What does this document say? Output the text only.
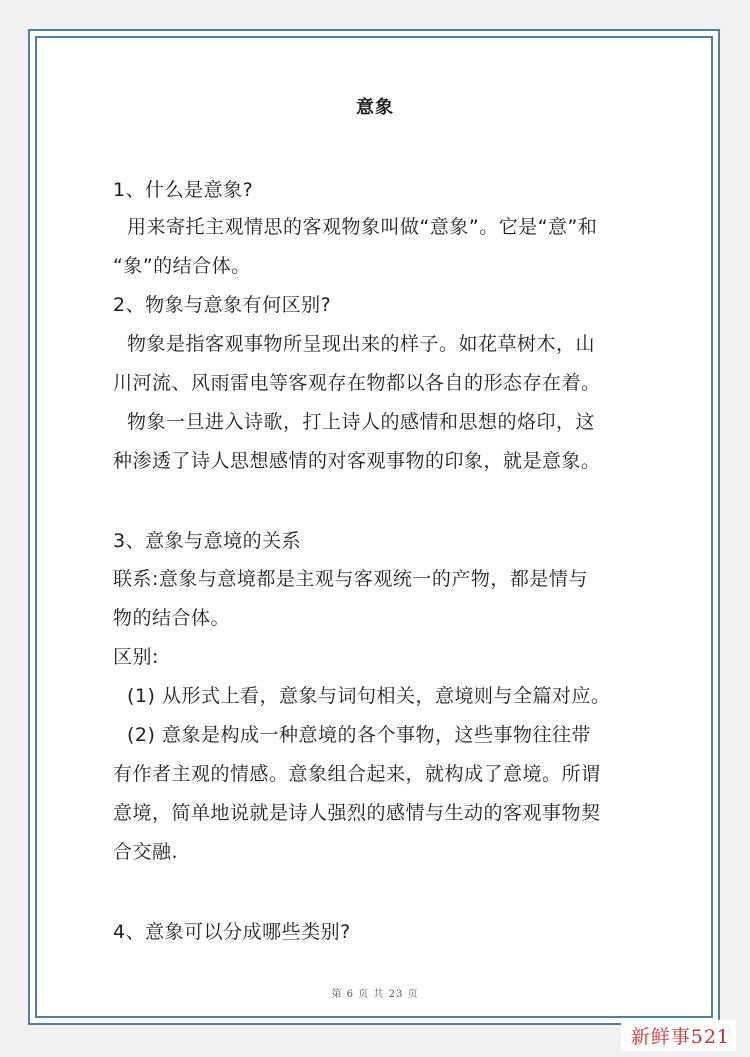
意象
1、什么是意象?
用来寄托主观情思的客观物象叫做“意象”。它是“意”和
“象”的结合体。
2、物象与意象有何区别?
物象是指客观事物所呈现出来的样子。如花草树木，山
川河流、风雨雷电等客观存在物都以各自的形态存在着。
物象一旦进入诗歌，打上诗人的感情和思想的烙印，这
种渗透了诗人思想感情的对客观事物的印象，就是意象。
3、意象与意境的关系
联系:意象与意境都是主观与客观统一的产物，都是情与
物的结合体。
区别:
(1) 从形式上看，意象与词句相关，意境则与全篇对应。
(2) 意象是构成一种意境的各个事物，这些事物往往带
有作者主观的情感。意象组合起来，就构成了意境。所谓
意境，简单地说就是诗人强烈的感情与生动的客观事物契
合交融.
4、意象可以分成哪些类别?
第 6 页 共 23 页
新鲜事521
